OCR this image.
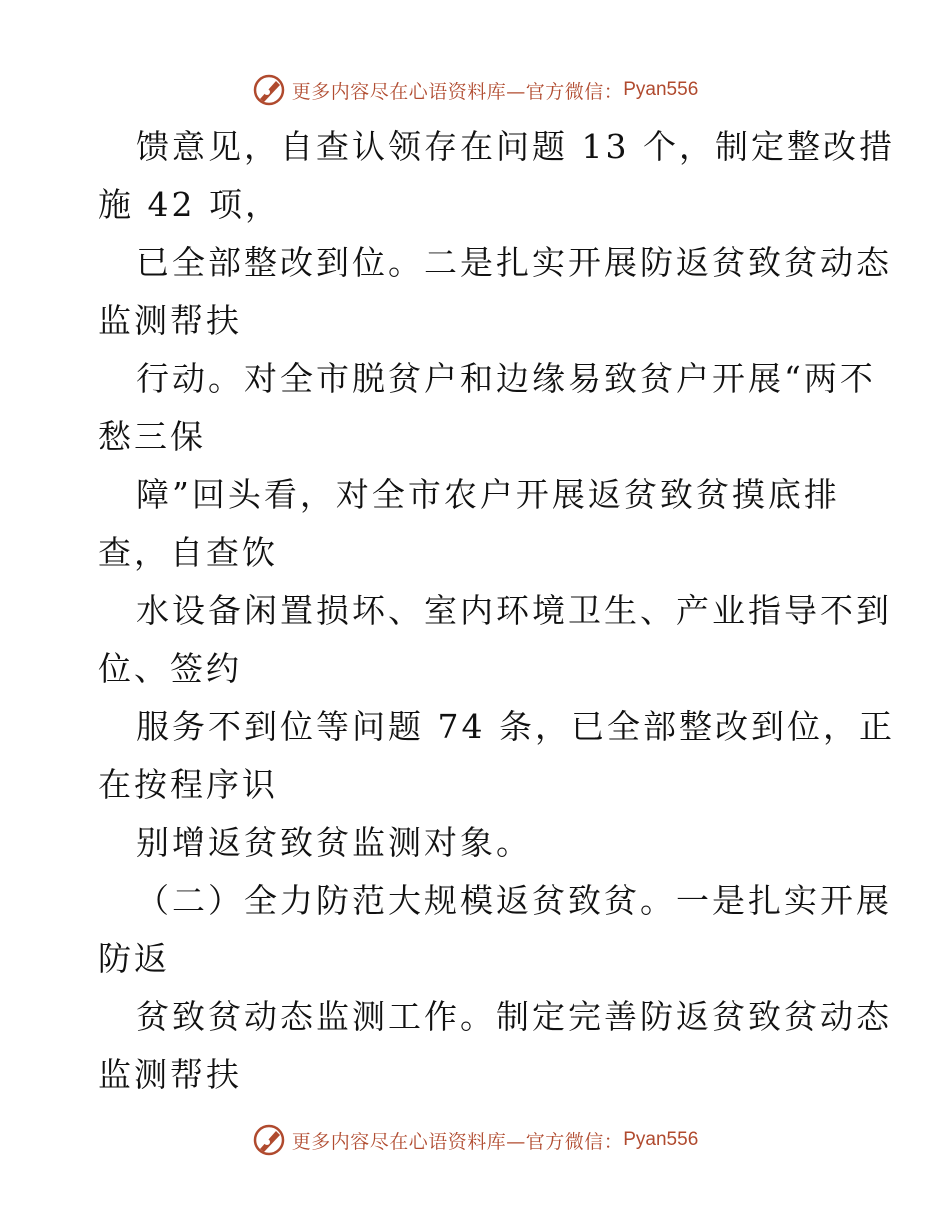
更多内容尽在心语资料库—官方微信： Pyan556
馈意见，自查认领存在问题 13 个，制定整改措
施 42 项，
已全部整改到位。二是扎实开展防返贫致贫动态
监测帮扶
行动。对全市脱贫户和边缘易致贫户开展“两不
愁三保
障”回头看，对全市农户开展返贫致贫摸底排
查，自查饮
水设备闲置损坏、室内环境卫生、产业指导不到
位、签约
服务不到位等问题 74 条，已全部整改到位，正
在按程序识
别增返贫致贫监测对象。
（二）全力防范大规模返贫致贫。一是扎实开展
防返
贫致贫动态监测工作。制定完善防返贫致贫动态
监测帮扶
更多内容尽在心语资料库—官方微信： Pyan556
